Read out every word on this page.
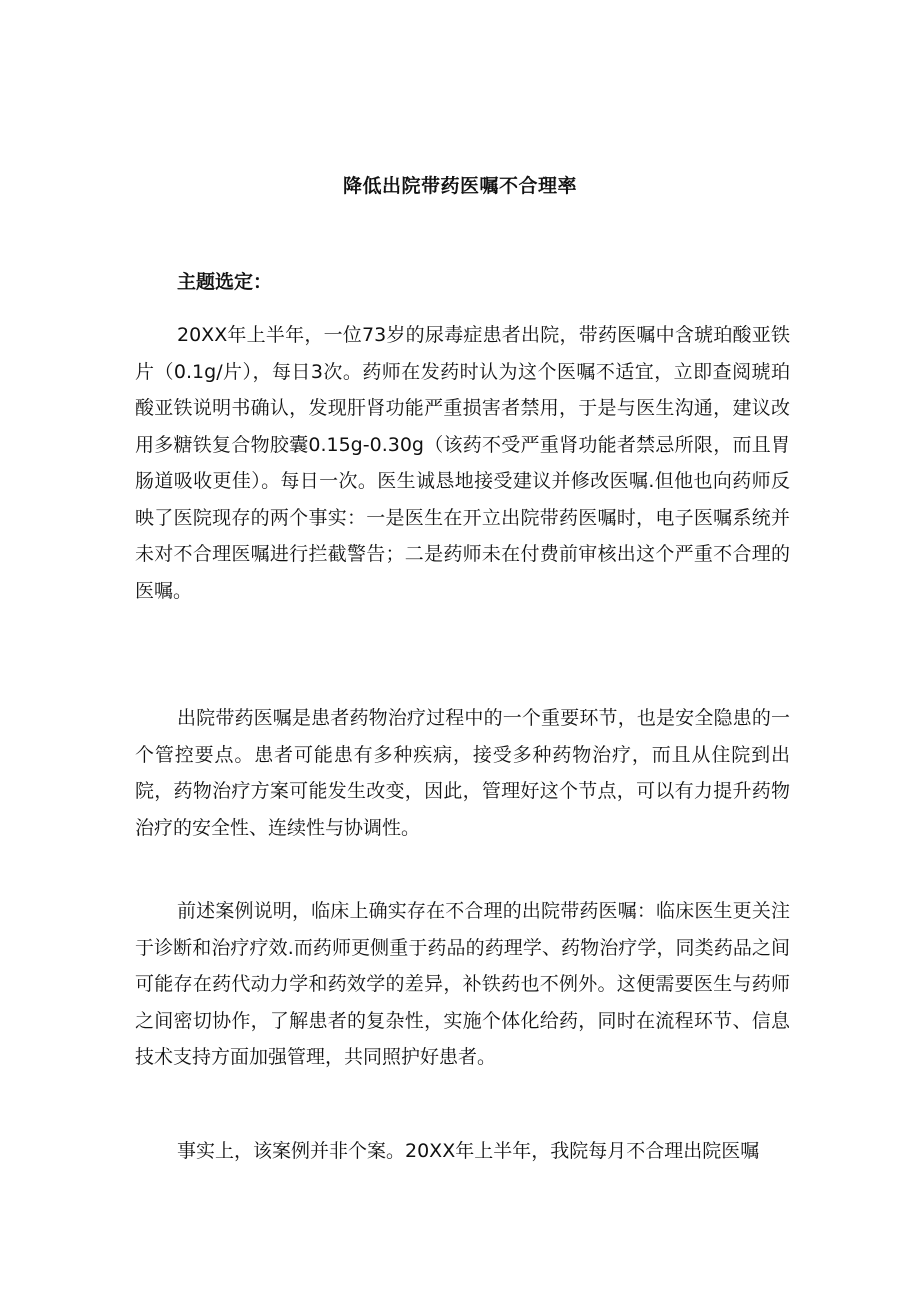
降低出院带药医嘱不合理率
主题选定：

20XX年上半年，一位73岁的尿毒症患者出院，带药医嘱中含琥珀酸亚铁片（0.1g/片），每日3次。药师在发药时认为这个医嘱不适宜，立即查阅琥珀酸亚铁说明书确认，发现肝肾功能严重损害者禁用，于是与医生沟通，建议改用多糖铁复合物胶囊0.15g-0.30g（该药不受严重肾功能者禁忌所限，而且胃肠道吸收更佳）。每日一次。医生诚恳地接受建议并修改医嘱.但他也向药师反映了医院现存的两个事实：一是医生在开立出院带药医嘱时，电子医嘱系统并未对不合理医嘱进行拦截警告；二是药师未在付费前审核出这个严重不合理的医嘱。

出院带药医嘱是患者药物治疗过程中的一个重要环节，也是安全隐患的一个管控要点。患者可能患有多种疾病，接受多种药物治疗，而且从住院到出院，药物治疗方案可能发生改变，因此，管理好这个节点，可以有力提升药物治疗的安全性、连续性与协调性。

前述案例说明，临床上确实存在不合理的出院带药医嘱：临床医生更关注于诊断和治疗疗效.而药师更侧重于药品的药理学、药物治疗学，同类药品之间可能存在药代动力学和药效学的差异，补铁药也不例外。这便需要医生与药师之间密切协作，了解患者的复杂性，实施个体化给药，同时在流程环节、信息技术支持方面加强管理，共同照护好患者。

事实上，该案例并非个案。20XX年上半年，我院每月不合理出院医嘱
